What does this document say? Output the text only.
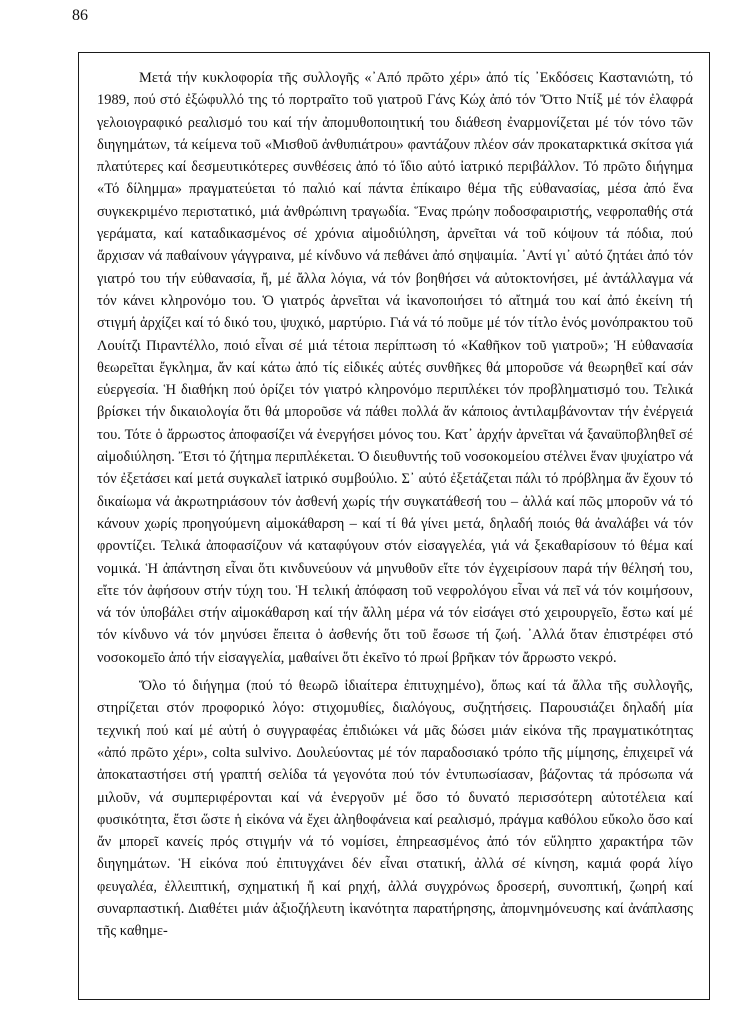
86

Μετά τήν κυκλοφορία τῆς συλλογῆς «᾿Από πρῶτο χέρι» ἀπό τίς ᾿Εκδόσεις Καστανιώτη, τό 1989, πού στό ἐξώφυλλό της τό πορτραῖτο τοῦ γιατροῦ Γάνς Κώχ ἀπό τόν Ὄττο Ντίξ μέ τόν ἐλαφρά γελοιογραφικό ρεαλισμό του καί τήν ἀπομυθοποιητική του διάθεση ἐναρμονίζεται μέ τόν τόνο τῶν διηγημάτων, τά κείμενα τοῦ «Μισθοῦ ἀνθυπιάτρου» φαντάζουν πλέον σάν προκαταρκτικά σκίτσα γιά πλατύτερες καί δεσμευτικότερες συνθέσεις ἀπό τό ἴδιο αὐτό ἰατρικό περιβάλλον. Τό πρῶτο διήγημα «Τό δίλημμα» πραγματεύεται τό παλιό καί πάντα ἐπίκαιρο θέμα τῆς εὐθανασίας, μέσα ἀπό ἕνα συγκεκριμένο περιστατικό, μιά ἀνθρώπινη τραγωδία. Ἕνας πρώην ποδοσφαιριστής, νεφροπαθής στά γεράματα, καί καταδικασμένος σέ χρόνια αἱμοδιύληση, ἀρνεῖται νά τοῦ κόψουν τά πόδια, πού ἄρχισαν νά παθαίνουν γάγγραινα, μέ κίνδυνο νά πεθάνει ἀπό σηψαιμία. ᾿Αντί γι᾿ αὐτό ζητάει ἀπό τόν γιατρό του τήν εὐθανασία, ἤ, μέ ἄλλα λόγια, νά τόν βοηθήσει νά αὐτοκτονήσει, μέ ἀντάλλαγμα νά τόν κάνει κληρονόμο του. Ὁ γιατρός ἀρνεῖται νά ἱκανοποιήσει τό αἴτημά του καί ἀπό ἐκείνη τή στιγμή ἀρχίζει καί τό δικό του, ψυχικό, μαρτύριο. Γιά νά τό ποῦμε μέ τόν τίτλο ἑνός μονόπρακτου τοῦ Λουίτζι Πιραντέλλο, ποιό εἶναι σέ μιά τέτοια περίπτωση τό «Καθῆκον τοῦ γιατροῦ»; Ἡ εὐθανασία θεωρεῖται ἔγκλημα, ἄν καί κάτω ἀπό τίς εἰδικές αὐτές συνθῆκες θά μποροῦσε νά θεωρηθεῖ καί σάν εὐεργεσία. Ἡ διαθήκη πού ὁρίζει τόν γιατρό κληρονόμο περιπλέκει τόν προβληματισμό του. Τελικά βρίσκει τήν δικαιολογία ὅτι θά μποροῦσε νά πάθει πολλά ἄν κάποιος ἀντιλαμβάνονταν τήν ἐνέργειά του. Τότε ὁ ἄρρωστος ἀποφασίζει νά ἐνεργήσει μόνος του. Κατ᾿ ἀρχήν ἀρνεῖται νά ξαναϋποβληθεῖ σέ αἱμοδιύληση. Ἔτσι τό ζήτημα περιπλέκεται. Ὁ διευθυντής τοῦ νοσοκομείου στέλνει ἕναν ψυχίατρο νά τόν ἐξετάσει καί μετά συγκαλεῖ ἰατρικό συμβούλιο. Σ᾿ αὐτό ἐξετάζεται πάλι τό πρόβλημα ἄν ἔχουν τό δικαίωμα νά ἀκρωτηριάσουν τόν ἀσθενή χωρίς τήν συγκατάθεσή του – ἀλλά καί πῶς μποροῦν νά τό κάνουν χωρίς προηγούμενη αἱμοκάθαρση – καί τί θά γίνει μετά, δηλαδή ποιός θά ἀναλάβει νά τόν φροντίζει. Τελικά ἀποφασίζουν νά καταφύγουν στόν εἰσαγγελέα, γιά νά ξεκαθαρίσουν τό θέμα καί νομικά. Ἡ ἀπάντηση εἶναι ὅτι κινδυνεύουν νά μηνυθοῦν εἴτε τόν ἐγχειρίσουν παρά τήν θέλησή του, εἴτε τόν ἀφήσουν στήν τύχη του. Ἡ τελική ἀπόφαση τοῦ νεφρολόγου εἶναι νά πεῖ νά τόν κοιμήσουν, νά τόν ὑποβάλει στήν αἱμοκάθαρση καί τήν ἄλλη μέρα νά τόν εἰσάγει στό χειρουργεῖο, ἔστω καί μέ τόν κίνδυνο νά τόν μηνύσει ἔπειτα ὁ ἀσθενής ὅτι τοῦ ἔσωσε τή ζωή. ᾿Αλλά ὅταν ἐπιστρέφει στό νοσοκομεῖο ἀπό τήν εἰσαγγελία, μαθαίνει ὅτι ἐκεῖνο τό πρωί βρῆκαν τόν ἄρρωστο νεκρό.

Ὅλο τό διήγημα (πού τό θεωρῶ ἰδιαίτερα ἐπιτυχημένο), ὅπως καί τά ἄλλα τῆς συλλογῆς, στηρίζεται στόν προφορικό λόγο: στιχομυθίες, διαλόγους, συζητήσεις. Παρουσιάζει δηλαδή μία τεχνική πού καί μέ αὐτή ὁ συγγραφέας ἐπιδιώκει νά μᾶς δώσει μιάν εἰκόνα τῆς πραγματικότητας «ἀπό πρῶτο χέρι», colta sulvivo. Δουλεύοντας μέ τόν παραδοσιακό τρόπο τῆς μίμησης, ἐπιχειρεῖ νά ἀποκαταστήσει στή γραπτή σελίδα τά γεγονότα πού τόν ἐντυπωσίασαν, βάζοντας τά πρόσωπα νά μιλοῦν, νά συμπεριφέρονται καί νά ἐνεργοῦν μέ ὅσο τό δυνατό περισσότερη αὐτοτέλεια καί φυσικότητα, ἔτσι ὥστε ἡ εἰκόνα νά ἔχει ἀληθοφάνεια καί ρεαλισμό, πράγμα καθόλου εὔκολο ὅσο καί ἄν μπορεῖ κανείς πρός στιγμήν νά τό νομίσει, ἐπηρεασμένος ἀπό τόν εὔληπτο χαρακτήρα τῶν διηγημάτων. Ἡ εἰκόνα πού ἐπιτυγχάνει δέν εἶναι στατική, ἀλλά σέ κίνηση, καμιά φορά λίγο φευγαλέα, ἐλλειπτική, σχηματική ἤ καί ρηχή, ἀλλά συγχρόνως δροσερή, συνοπτική, ζωηρή καί συναρπαστική. Διαθέτει μιάν ἀξιοζήλευτη ἱκανότητα παρατήρησης, ἀπομνημόνευσης καί ἀνάπλασης τῆς καθημε-
